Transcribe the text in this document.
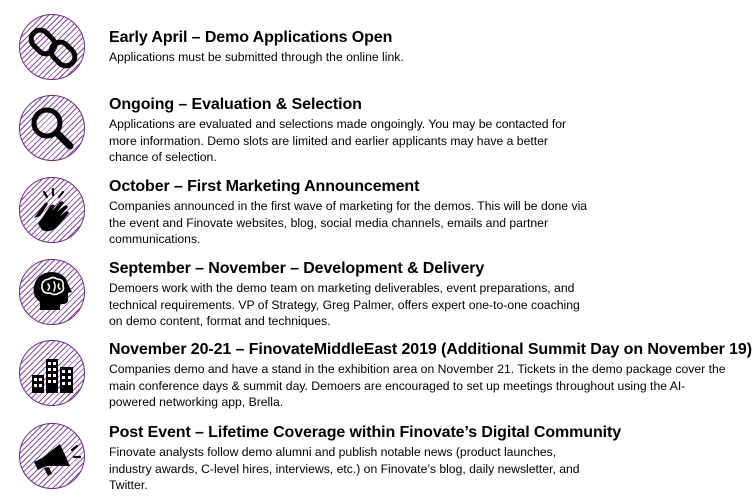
Early April – Demo Applications Open

Applications must be submitted through the online link.

Ongoing – Evaluation & Selection

Applications are evaluated and selections made ongoingly. You may be contacted for
more information. Demo slots are limited and earlier applicants may have a better
chance of selection.

October – First Marketing Announcement

Companies announced in the first wave of marketing for the demos. This will be done via
the event and Finovate websites, blog, social media channels, emails and partner
communications.

September – November – Development & Delivery

Demoers work with the demo team on marketing deliverables, event preparations, and
technical requirements. VP of Strategy, Greg Palmer, offers expert one-to-one coaching
on demo content, format and techniques.

November 20-21 – FinovateMiddleEast 2019 (Additional Summit Day on November 19)

Companies demo and have a stand in the exhibition area on November 21. Tickets in the demo package cover the
main conference days & summit day. Demoers are encouraged to set up meetings throughout using the AI-
powered networking app, Brella.

Post Event – Lifetime Coverage within Finovate’s Digital Community

Finovate analysts follow demo alumni and publish notable news (product launches,
industry awards, C-level hires, interviews, etc.) on Finovate’s blog, daily newsletter, and
Twitter.
